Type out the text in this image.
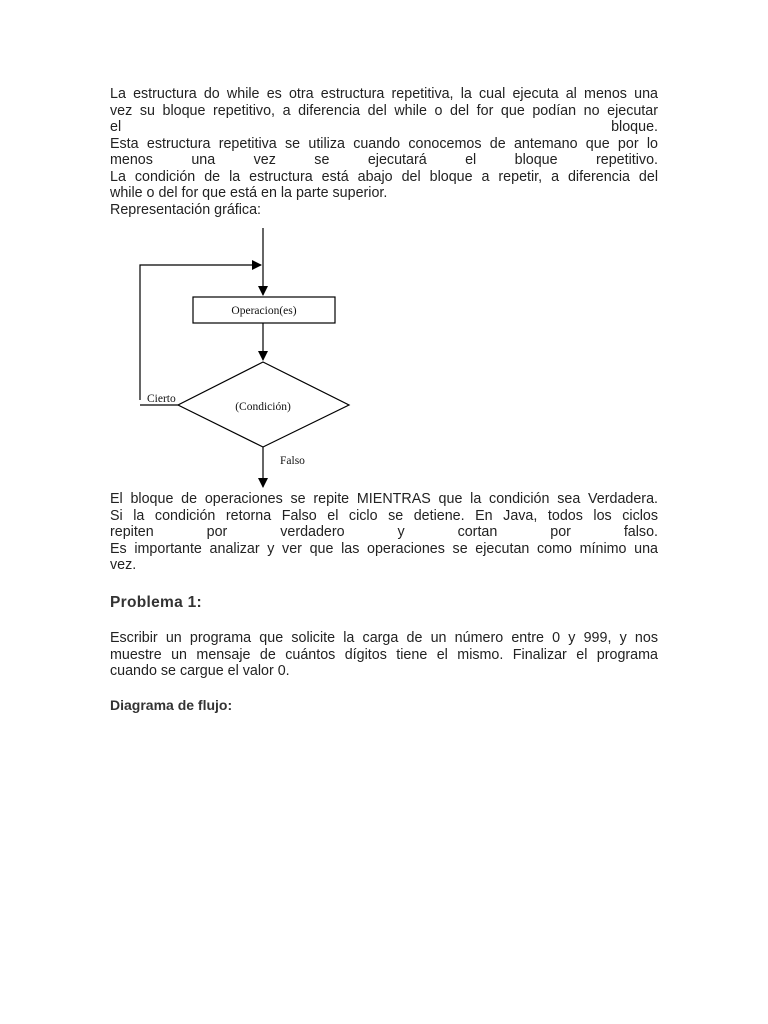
La estructura do while es otra estructura repetitiva, la cual ejecuta al menos una
vez su bloque repetitivo, a diferencia del while o del for que podían no ejecutar
el bloque.
Esta estructura repetitiva se utiliza cuando conocemos de antemano que por lo
menos una vez se ejecutará el bloque repetitivo.
La condición de la estructura está abajo del bloque a repetir, a diferencia del
while o del for que está en la parte superior.
Representación gráfica:
Operacion(es)
(Condición)
Cierto
Falso
El bloque de operaciones se repite MIENTRAS que la condición sea Verdadera.
Si la condición retorna Falso el ciclo se detiene. En Java, todos los ciclos
repiten por verdadero y cortan por falso.
Es importante analizar y ver que las operaciones se ejecutan como mínimo una
vez.
Problema 1:
Escribir un programa que solicite la carga de un número entre 0 y 999, y nos
muestre un mensaje de cuántos dígitos tiene el mismo. Finalizar el programa
cuando se cargue el valor 0.
Diagrama de flujo:
